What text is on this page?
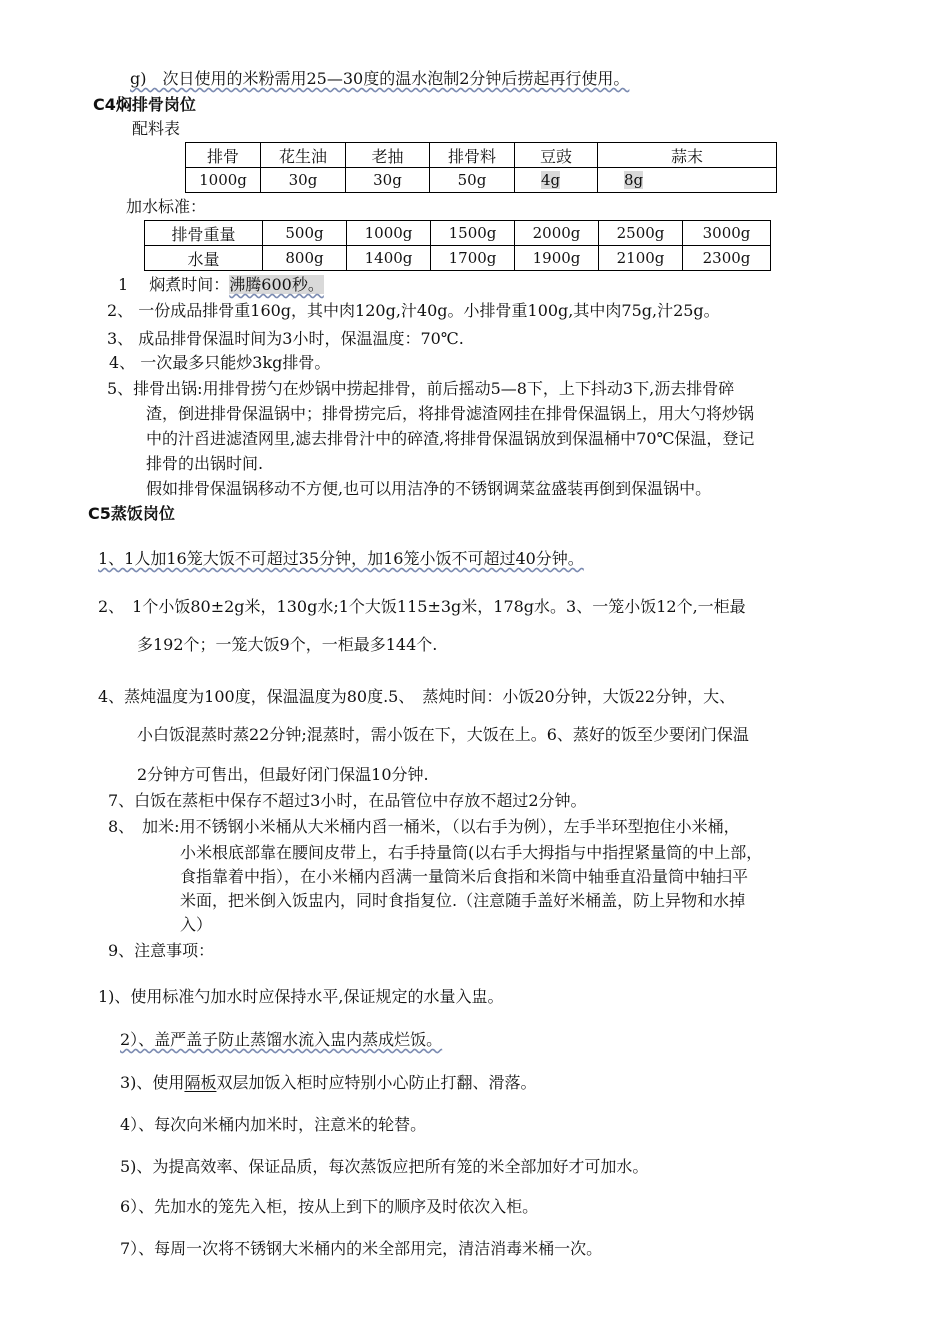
g)　次日使用的米粉需用25—30度的温水泡制2分钟后捞起再行使用。
C4焖排骨岗位
配料表
排骨	花生油	老抽	排骨料	豆豉	蒜末
1000g	30g	30g	50g	4g	8g
加水标准：
排骨重量	500g	1000g	1500g	2000g	2500g	3000g
水量	800g	1400g	1700g	1900g	2100g	2300g
1　 焖煮时间：沸腾600秒。
2、 一份成品排骨重160g，其中肉120g,汁40g。小排骨重100g,其中肉75g,汁25g。
3、 成品排骨保温时间为3小时，保温温度：70℃.
4、 一次最多只能炒3kg排骨。
5、排骨出锅:用排骨捞勺在炒锅中捞起排骨，前后摇动5—8下，上下抖动3下,沥去排骨碎
渣，倒进排骨保温锅中；排骨捞完后，将排骨滤渣网挂在排骨保温锅上，用大勺将炒锅
中的汁舀进滤渣网里,滤去排骨汁中的碎渣,将排骨保温锅放到保温桶中70℃保温，登记
排骨的出锅时间.
假如排骨保温锅移动不方便,也可以用洁净的不锈钢调菜盆盛装再倒到保温锅中。
C5蒸饭岗位
1、1人加16笼大饭不可超过35分钟，加16笼小饭不可超过40分钟。
2、　1个小饭80±2g米，130g水;1个大饭115±3g米，178g水。3、一笼小饭12个,一柜最
多192个；一笼大饭9个，一柜最多144个.
4、蒸炖温度为100度，保温温度为80度.5、　蒸炖时间：小饭20分钟，大饭22分钟，大、
小白饭混蒸时蒸22分钟;混蒸时，需小饭在下，大饭在上。6、蒸好的饭至少要闭门保温
2分钟方可售出，但最好闭门保温10分钟.
7、白饭在蒸柜中保存不超过3小时，在品管位中存放不超过2分钟。
8、　加米:用不锈钢小米桶从大米桶内舀一桶米，（以右手为例），左手半环型抱住小米桶，
小米根底部靠在腰间皮带上，右手持量筒(以右手大拇指与中指捏紧量筒的中上部，
食指靠着中指），在小米桶内舀满一量筒米后食指和米筒中轴垂直沿量筒中轴扫平
米面，把米倒入饭盅内，同时食指复位.（注意随手盖好米桶盖，防上异物和水掉
入）
9、注意事项：
1)、使用标准勺加水时应保持水平,保证规定的水量入盅。
2）、盖严盖子防止蒸馏水流入盅内蒸成烂饭。
3)、使用隔板双层加饭入柜时应特别小心防止打翻、滑落。
4）、每次向米桶内加米时，注意米的轮替。
5)、为提高效率、保证品质，每次蒸饭应把所有笼的米全部加好才可加水。
6）、先加水的笼先入柜，按从上到下的顺序及时依次入柜。
7）、每周一次将不锈钢大米桶内的米全部用完，清洁消毒米桶一次。
